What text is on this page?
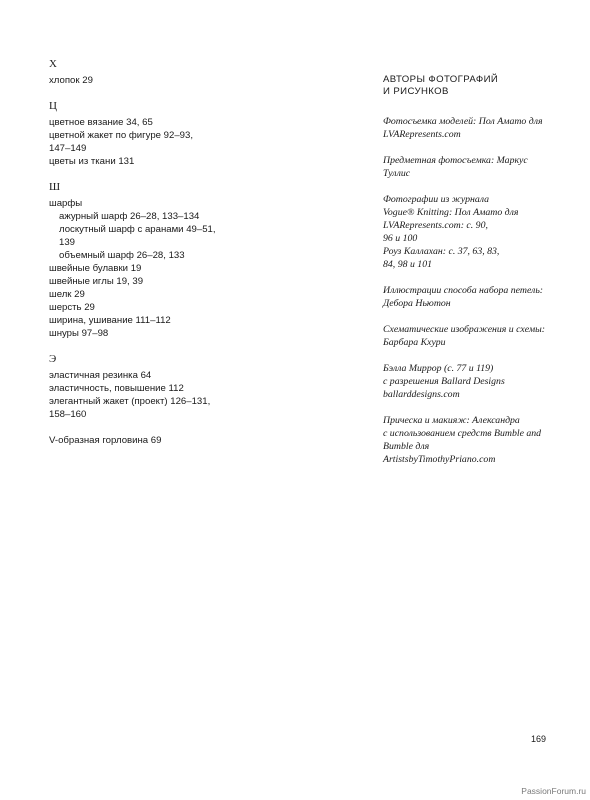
Х
хлопок 29
Ц
цветное вязание 34, 65
цветной жакет по фигуре 92–93,
147–149
цветы из ткани 131
Ш
шарфы
ажурный шарф 26–28, 133–134
лоскутный шарф с аранами 49–51,
139
объемный шарф 26–28, 133
швейные булавки 19
швейные иглы 19, 39
шелк 29
шерсть 29
ширина, ушивание 111–112
шнуры 97–98
Э
эластичная резинка 64
эластичность, повышение 112
элегантный жакет (проект) 126–131,
158–160
V-образная горловина 69
АВТОРЫ ФОТОГРАФИЙ
И РИСУНКОВ
Фотосъемка моделей: Пол Амато для
LVARepresents.com
Предметная фотосъемка: Маркус
Туллис
Фотографии из журнала
Vogue® Knitting: Пол Амато для
LVARepresents.com: с. 90,
96 и 100
Роуз Каллахан: с. 37, 63, 83,
84, 98 и 101
Иллюстрации способа набора петель:
Дебора Ньютон
Схематические изображения и схемы:
Барбара Кхури
Бэлла Миррор (с. 77 и 119)
с разрешения Ballard Designs
ballarddesigns.com
Прическа и макияж: Александра
с использованием средств Bumble and
Bumble для
ArtistsbyTimothyPriano.com
169
PassionForum.ru
